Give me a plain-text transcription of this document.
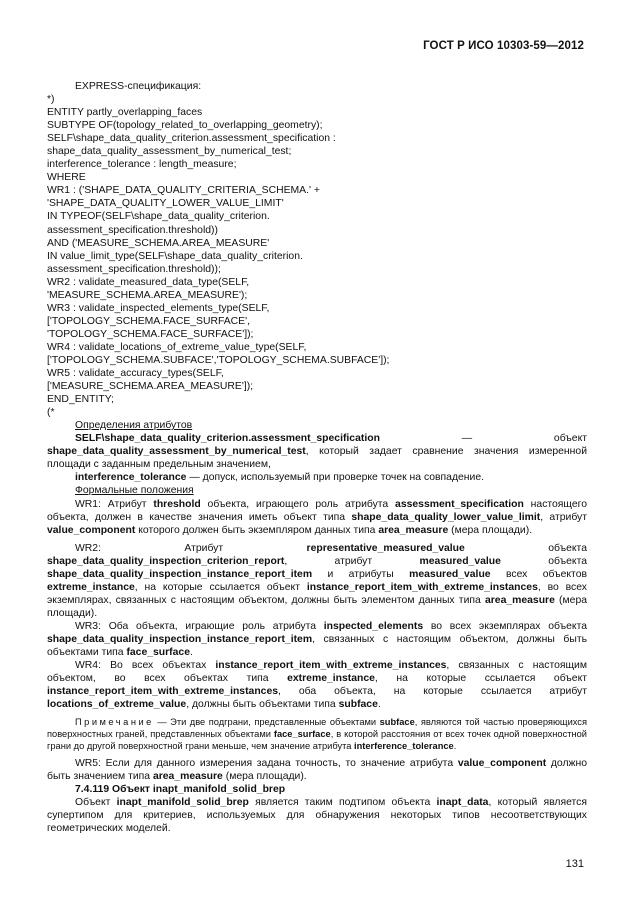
ГОСТ Р ИСО 10303-59—2012
EXPRESS-спецификация:
*)
ENTITY partly_overlapping_faces
SUBTYPE OF(topology_related_to_overlapping_geometry);
SELF\shape_data_quality_criterion.assessment_specification :
shape_data_quality_assessment_by_numerical_test;
interference_tolerance : length_measure;
WHERE
WR1 : ('SHAPE_DATA_QUALITY_CRITERIA_SCHEMA.' +
'SHAPE_DATA_QUALITY_LOWER_VALUE_LIMIT'
IN TYPEOF(SELF\shape_data_quality_criterion.
assessment_specification.threshold))
AND ('MEASURE_SCHEMA.AREA_MEASURE'
IN value_limit_type(SELF\shape_data_quality_criterion.
assessment_specification.threshold));
WR2 : validate_measured_data_type(SELF,
'MEASURE_SCHEMA.AREA_MEASURE');
WR3 : validate_inspected_elements_type(SELF,
['TOPOLOGY_SCHEMA.FACE_SURFACE',
'TOPOLOGY_SCHEMA.FACE_SURFACE']);
WR4 : validate_locations_of_extreme_value_type(SELF,
['TOPOLOGY_SCHEMA.SUBFACE','TOPOLOGY_SCHEMA.SUBFACE']);
WR5 : validate_accuracy_types(SELF,
['MEASURE_SCHEMA.AREA_MEASURE']);
END_ENTITY;
(*
Определения атрибутов

SELF\shape_data_quality_criterion.assessment_specification — объект shape_data_quality_assessment_by_numerical_test, который задает сравнение значения измеренной площади с заданным предельным значением,

interference_tolerance — допуск, используемый при проверке точек на совпадение.

Формальные положения

WR1: Атрибут threshold объекта, играющего роль атрибута assessment_specification настоящего объекта, должен в качестве значения иметь объект типа shape_data_quality_lower_value_limit, атрибут value_component которого должен быть экземпляром данных типа area_measure (мера площади).

WR2: Атрибут representative_measured_value объекта shape_data_quality_inspection_criterion_report, атрибут measured_value объекта shape_data_quality_inspection_instance_report_item и атрибуты measured_value всех объектов extreme_instance, на которые ссылается объект instance_report_item_with_extreme_instances, во всех экземплярах, связанных с настоящим объектом, должны быть элементом данных типа area_measure (мера площади).

WR3: Оба объекта, играющие роль атрибута inspected_elements во всех экземплярах объекта shape_data_quality_inspection_instance_report_item, связанных с настоящим объектом, должны быть объектами типа face_surface.

WR4: Во всех объектах instance_report_item_with_extreme_instances, связанных с настоящим объектом, во всех объектах типа extreme_instance, на которые ссылается объект instance_report_item_with_extreme_instances, оба объекта, на которые ссылается атрибут locations_of_extreme_value, должны быть объектами типа subface.

Примечание — Эти две подграни, представленные объектами subface, являются той частью проверяющихся поверхностных граней, представленных объектами face_surface, в которой расстояния от всех точек одной поверхностной грани до другой поверхностной грани меньше, чем значение атрибута interference_tolerance.

WR5: Если для данного измерения задана точность, то значение атрибута value_component должно быть значением типа area_measure (мера площади).

7.4.119 Объект inapt_manifold_solid_brep

Объект inapt_manifold_solid_brep является таким подтипом объекта inapt_data, который является супертипом для критериев, используемых для обнаружения некоторых типов несоответствующих геометрических моделей.

131
